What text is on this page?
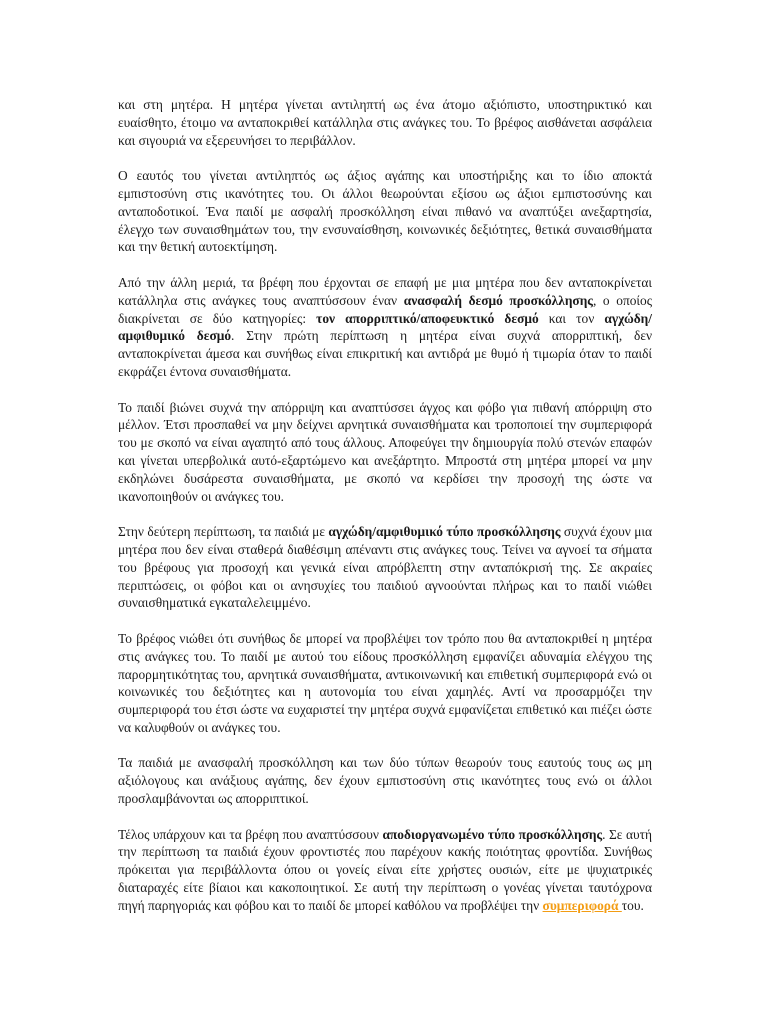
και στη μητέρα. Η μητέρα γίνεται αντιληπτή ως ένα άτομο αξιόπιστο, υποστηρικτικό και ευαίσθητο, έτοιμο να ανταποκριθεί κατάλληλα στις ανάγκες του. Το βρέφος αισθάνεται ασφάλεια και σιγουριά να εξερευνήσει το περιβάλλον.

Ο εαυτός του γίνεται αντιληπτός ως άξιος αγάπης και υποστήριξης και το ίδιο αποκτά εμπιστοσύνη στις ικανότητες του. Οι άλλοι θεωρούνται εξίσου ως άξιοι εμπιστοσύνης και ανταποδοτικοί. Ένα παιδί με ασφαλή προσκόλληση είναι πιθανό να αναπτύξει ανεξαρτησία, έλεγχο των συναισθημάτων του, την ενσυναίσθηση, κοινωνικές δεξιότητες, θετικά συναισθήματα και την θετική αυτοεκτίμηση.

Από την άλλη μεριά, τα βρέφη που έρχονται σε επαφή με μια μητέρα που δεν ανταποκρίνεται κατάλληλα στις ανάγκες τους αναπτύσσουν έναν ανασφαλή δεσμό προσκόλλησης, ο οποίος διακρίνεται σε δύο κατηγορίες: τον απορριπτικό/αποφευκτικό δεσμό και τον αγχώδη/αμφιθυμικό δεσμό. Στην πρώτη περίπτωση η μητέρα είναι συχνά απορριπτική, δεν ανταποκρίνεται άμεσα και συνήθως είναι επικριτική και αντιδρά με θυμό ή τιμωρία όταν το παιδί εκφράζει έντονα συναισθήματα.

Το παιδί βιώνει συχνά την απόρριψη και αναπτύσσει άγχος και φόβο για πιθανή απόρριψη στο μέλλον. Έτσι προσπαθεί να μην δείχνει αρνητικά συναισθήματα και τροποποιεί την συμπεριφορά του με σκοπό να είναι αγαπητό από τους άλλους. Αποφεύγει την δημιουργία πολύ στενών επαφών και γίνεται υπερβολικά αυτό-εξαρτώμενο και ανεξάρτητο. Μπροστά στη μητέρα μπορεί να μην εκδηλώνει δυσάρεστα συναισθήματα, με σκοπό να κερδίσει την προσοχή της ώστε να ικανοποιηθούν οι ανάγκες του.

Στην δεύτερη περίπτωση, τα παιδιά με αγχώδη/αμφιθυμικό τύπο προσκόλλησης συχνά έχουν μια μητέρα που δεν είναι σταθερά διαθέσιμη απέναντι στις ανάγκες τους. Τείνει να αγνοεί τα σήματα του βρέφους για προσοχή και γενικά είναι απρόβλεπτη στην ανταπόκρισή της. Σε ακραίες περιπτώσεις, οι φόβοι και οι ανησυχίες του παιδιού αγνοούνται πλήρως και το παιδί νιώθει συναισθηματικά εγκαταλελειμμένο.

Το βρέφος νιώθει ότι συνήθως δε μπορεί να προβλέψει τον τρόπο που θα ανταποκριθεί η μητέρα στις ανάγκες του. Το παιδί με αυτού του είδους προσκόλληση εμφανίζει αδυναμία ελέγχου της παρορμητικότητας του, αρνητικά συναισθήματα, αντικοινωνική και επιθετική συμπεριφορά ενώ οι κοινωνικές του δεξιότητες και η αυτονομία του είναι χαμηλές. Αντί να προσαρμόζει την συμπεριφορά του έτσι ώστε να ευχαριστεί την μητέρα συχνά εμφανίζεται επιθετικό και πιέζει ώστε να καλυφθούν οι ανάγκες του.

Τα παιδιά με ανασφαλή προσκόλληση και των δύο τύπων θεωρούν τους εαυτούς τους ως μη αξιόλογους και ανάξιους αγάπης, δεν έχουν εμπιστοσύνη στις ικανότητες τους ενώ οι άλλοι προσλαμβάνονται ως απορριπτικοί.

Τέλος υπάρχουν και τα βρέφη που αναπτύσσουν αποδιοργανωμένο τύπο προσκόλλησης. Σε αυτή την περίπτωση τα παιδιά έχουν φροντιστές που παρέχουν κακής ποιότητας φροντίδα. Συνήθως πρόκειται για περιβάλλοντα όπου οι γονείς είναι είτε χρήστες ουσιών, είτε με ψυχιατρικές διαταραχές είτε βίαιοι και κακοποιητικοί. Σε αυτή την περίπτωση ο γονέας γίνεται ταυτόχρονα πηγή παρηγοριάς και φόβου και το παιδί δε μπορεί καθόλου να προβλέψει την συμπεριφορά του.
